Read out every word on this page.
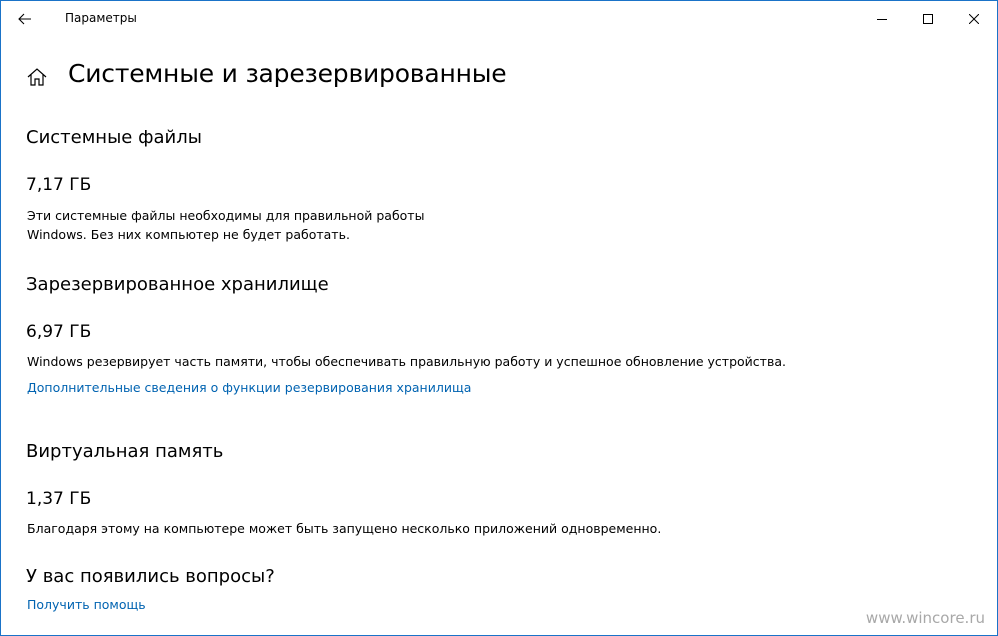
Параметры
Системные и зарезервированные
Системные файлы
7,17 ГБ
Эти системные файлы необходимы для правильной работы
Windows. Без них компьютер не будет работать.
Зарезервированное хранилище
6,97 ГБ
Windows резервирует часть памяти, чтобы обеспечивать правильную работу и успешное обновление устройства.
Дополнительные сведения о функции резервирования хранилища
Виртуальная память
1,37 ГБ
Благодаря этому на компьютере может быть запущено несколько приложений одновременно.
У вас появились вопросы?
Получить помощь
www.wincore.ru
